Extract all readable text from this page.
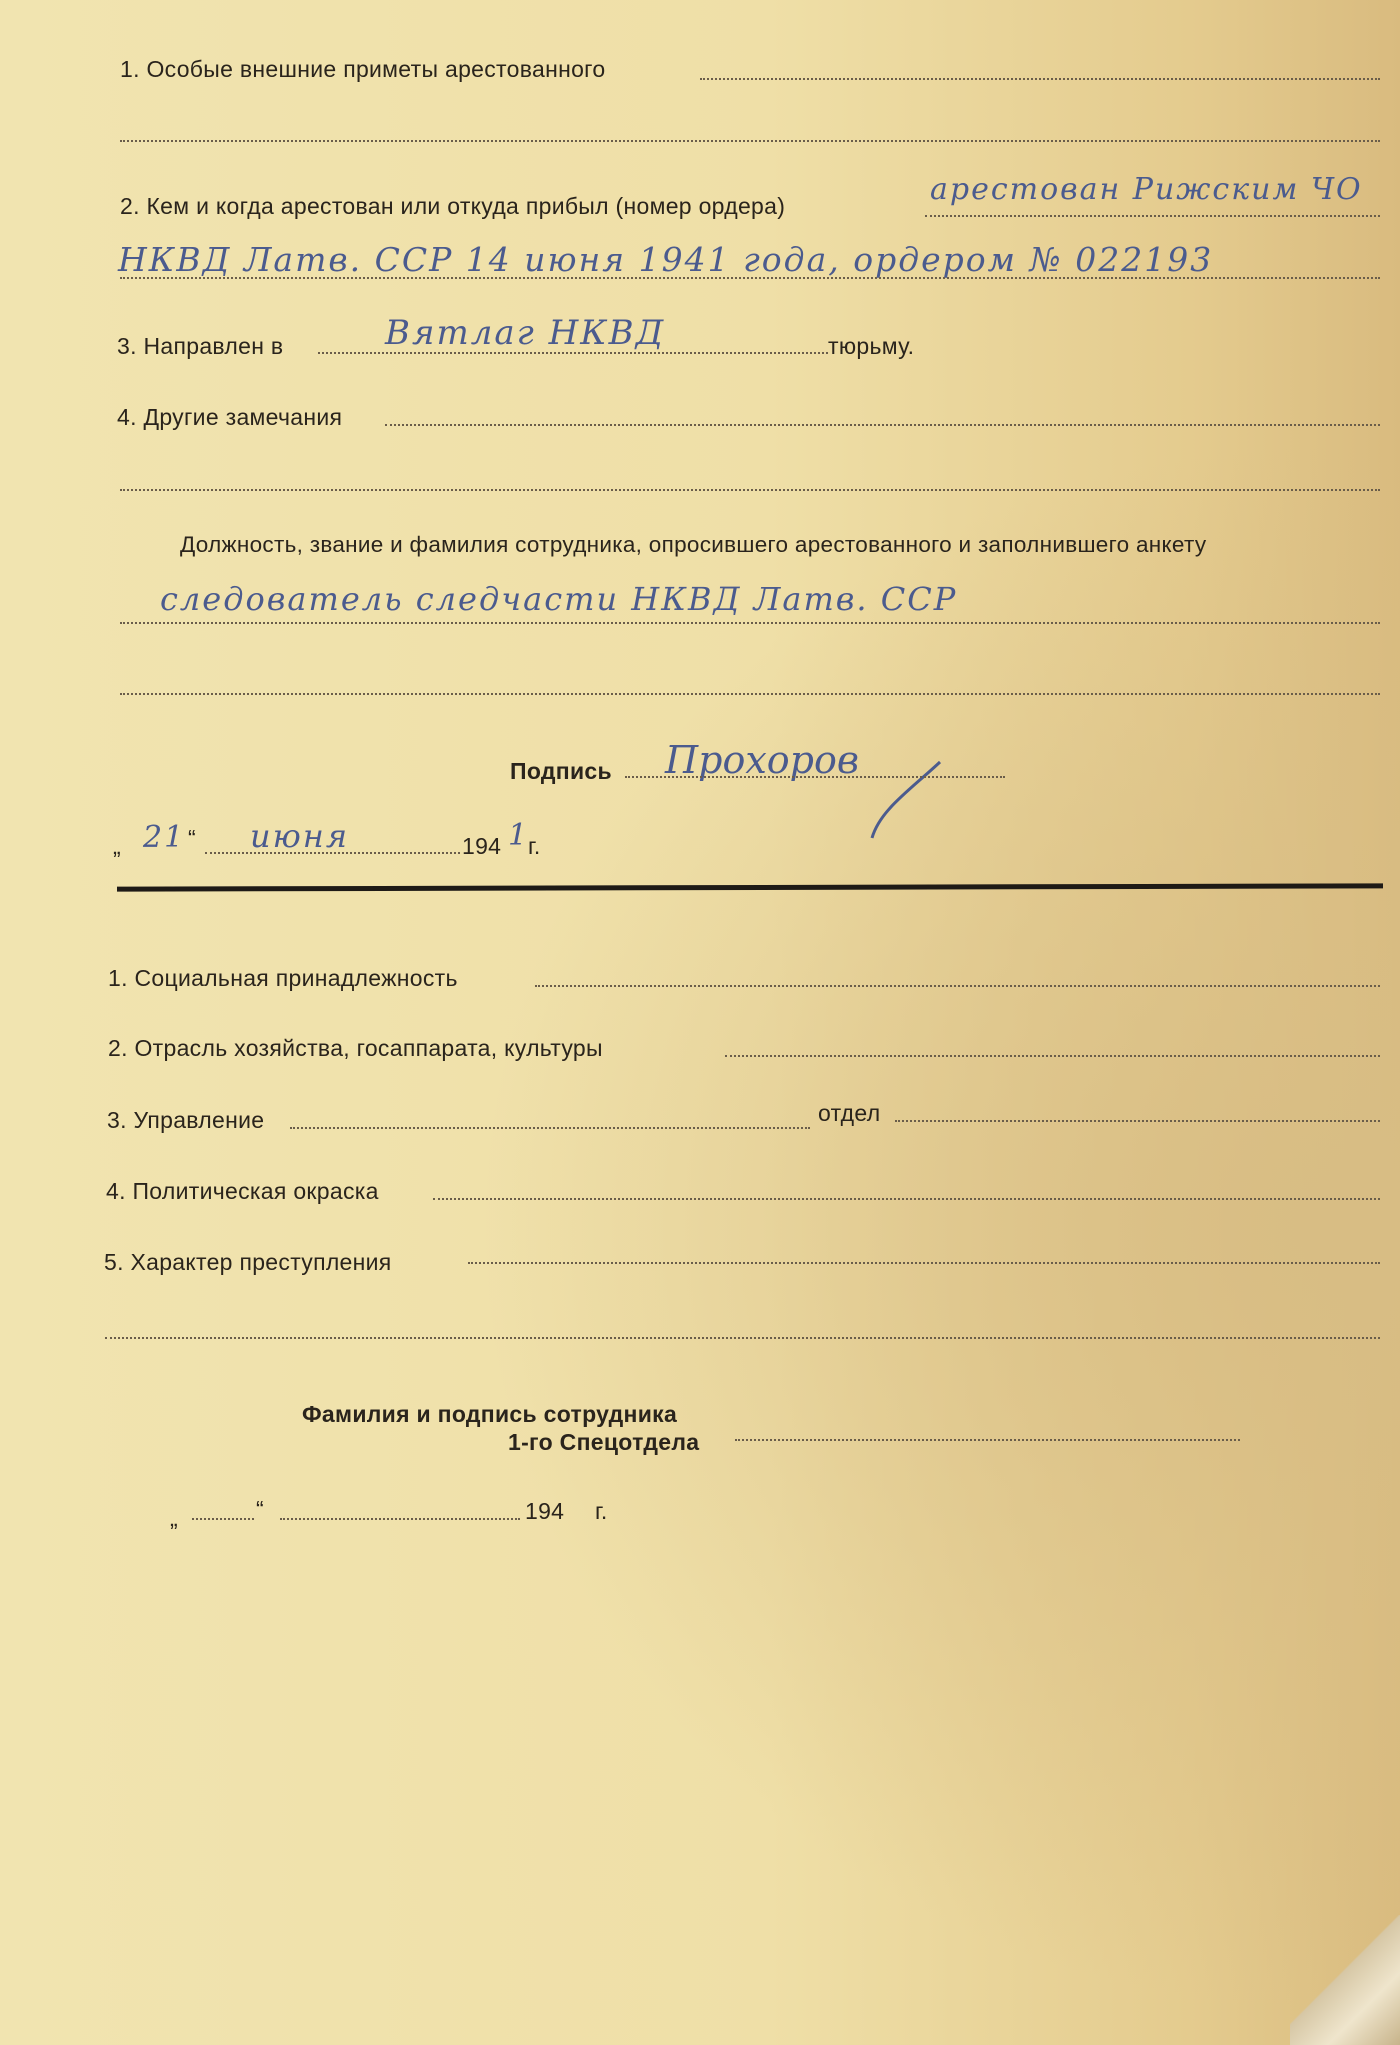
1. Особые внешние приметы арестованного
2. Кем и когда арестован или откуда прибыл (номер ордера)	арестован Рижским ЧО
НКВД Латв. ССР 14 июня 1941 года, ордером № 022193
3. Направлен в	Вятлаг НКВД	тюрьму.
4. Другие замечания
Должность, звание и фамилия сотрудника, опросившего арестованного и заполнившего анкету
следователь следчасти НКВД Латв. ССР
Подпись Прохоров
„ 21 “ июня	194 1
г.
1. Социальная принадлежность
2. Отрасль хозяйства, госаппарата, культуры
3. Управление	отдел
4. Политическая окраска
5. Характер преступления
Фамилия и подпись сотрудника
1-го Спецотдела
„	“	194 г.
